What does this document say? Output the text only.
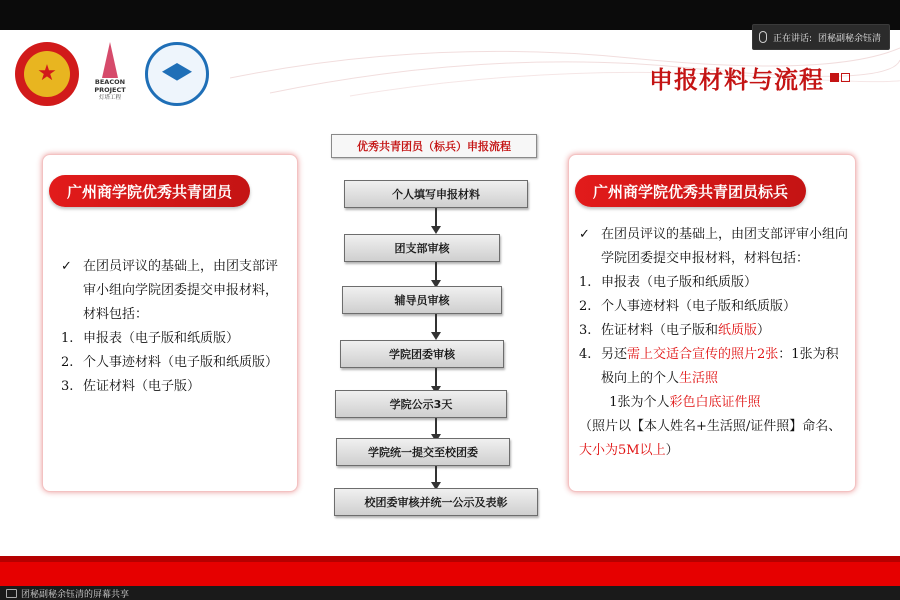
正在讲话: 团秘副秘余钰清
★	BEACON
PROJECT
灯塔工程
申报材料与流程
广州商学院优秀共青团员
✓ 在团员评议的基础上，由团支部评审小组向学院团委提交申报材料，材料包括：
1. 申报表（电子版和纸质版）
2. 个人事迹材料（电子版和纸质版）
3. 佐证材料（电子版）
优秀共青团员（标兵）申报流程
个人填写申报材料
团支部审核
辅导员审核
学院团委审核
学院公示3天
学院统一提交至校团委
校团委审核并统一公示及表彰
广州商学院优秀共青团员标兵
✓ 在团员评议的基础上，由团支部评审小组向学院团委提交申报材料，材料包括：
1. 申报表（电子版和纸质版）
2. 个人事迹材料（电子版和纸质版）
3. 佐证材料（电子版和纸质版）
4. 另还需上交适合宣传的照片2张：1张为积极向上的个人生活照
1张为个人彩色白底证件照
（照片以【本人姓名+生活照/证件照】命名、大小为5M以上）
团秘副秘余钰清的屏幕共享
